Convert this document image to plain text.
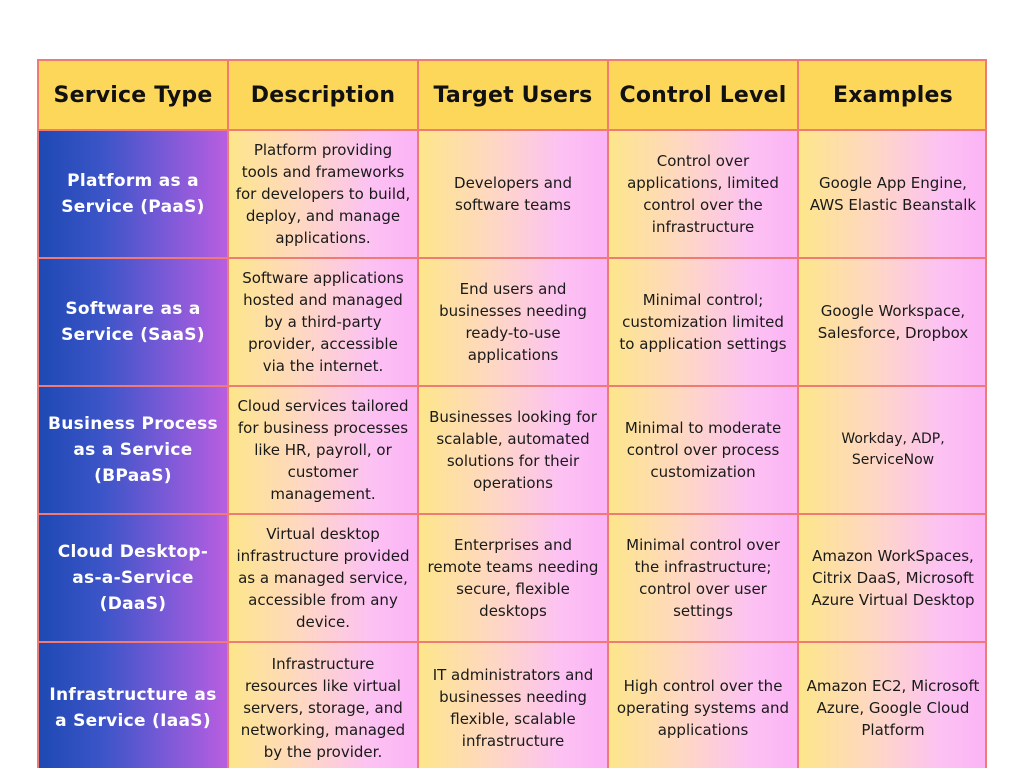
Service Type	Description	Target Users	Control Level	Examples
Platform as a Service (PaaS)	Platform providing tools and frameworks for developers to build, deploy, and manage applications.	Developers and software teams	Control over applications, limited control over the infrastructure	Google App Engine, AWS Elastic Beanstalk
Software as a Service (SaaS)	Software applications hosted and managed by a third-party provider, accessible via the internet.	End users and businesses needing ready-to-use applications	Minimal control; customization limited to application settings	Google Workspace, Salesforce, Dropbox
Business Process as a Service (BPaaS)	Cloud services tailored for business processes like HR, payroll, or customer management.	Businesses looking for scalable, automated solutions for their operations	Minimal to moderate control over process customization	Workday, ADP, ServiceNow
Cloud Desktop-as-a-Service (DaaS)	Virtual desktop infrastructure provided as a managed service, accessible from any device.	Enterprises and remote teams needing secure, flexible desktops	Minimal control over the infrastructure; control over user settings	Amazon WorkSpaces, Citrix DaaS, Microsoft Azure Virtual Desktop
Infrastructure as a Service (IaaS)	Infrastructure resources like virtual servers, storage, and networking, managed by the provider.	IT administrators and businesses needing flexible, scalable infrastructure	High control over the operating systems and applications	Amazon EC2, Microsoft Azure, Google Cloud Platform
